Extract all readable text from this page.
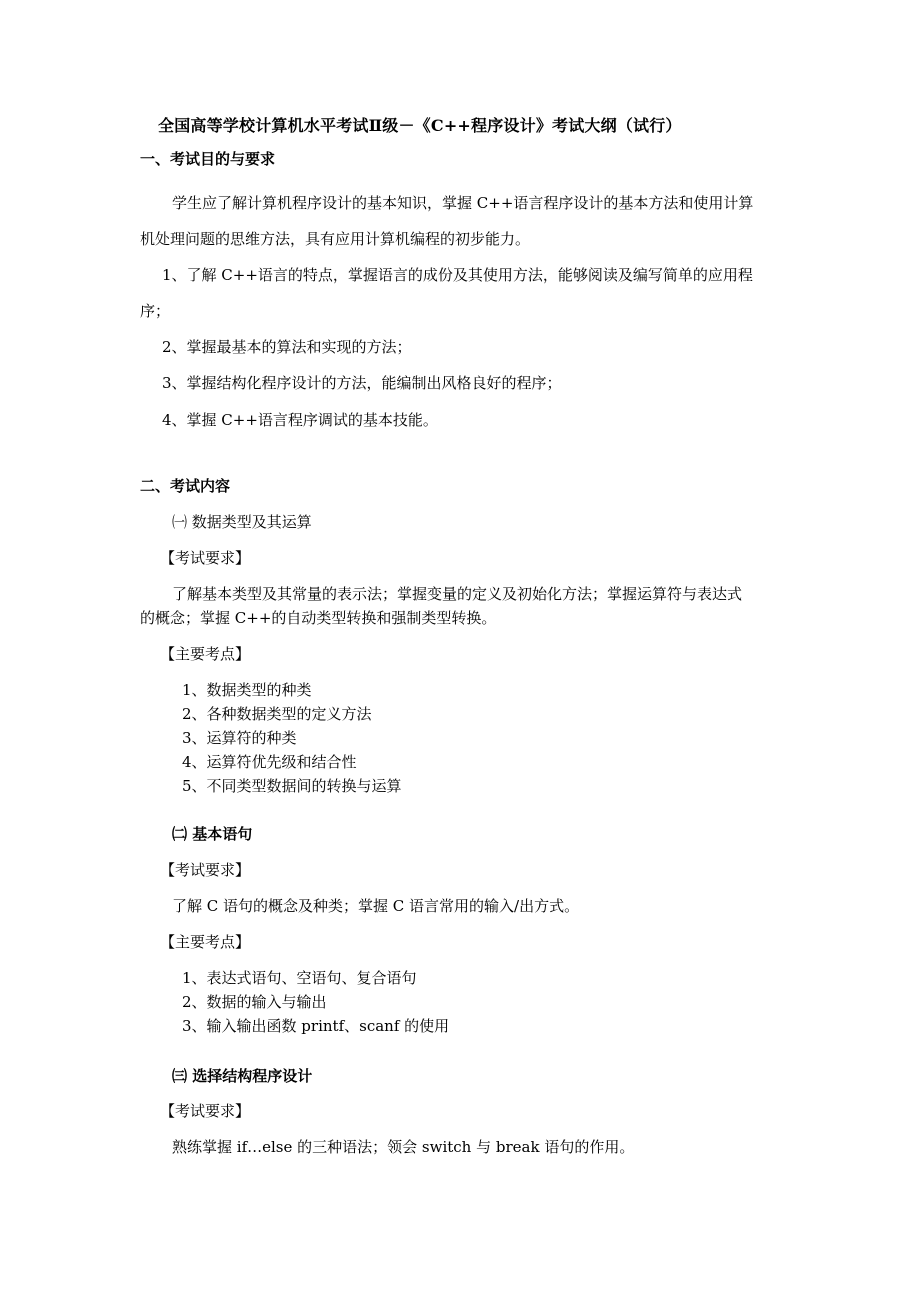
全国高等学校计算机水平考试Ⅱ级－《C++程序设计》考试大纲（试行）
一、考试目的与要求
学生应了解计算机程序设计的基本知识，掌握 C++语言程序设计的基本方法和使用计算
机处理问题的思维方法，具有应用计算机编程的初步能力。
1、了解 C++语言的特点，掌握语言的成份及其使用方法，能够阅读及编写简单的应用程
序；
2、掌握最基本的算法和实现的方法；
3、掌握结构化程序设计的方法，能编制出风格良好的程序；
4、掌握 C++语言程序调试的基本技能。
二、考试内容
㈠ 数据类型及其运算
【考试要求】
了解基本类型及其常量的表示法；掌握变量的定义及初始化方法；掌握运算符与表达式
的概念；掌握 C++的自动类型转换和强制类型转换。
【主要考点】
1、数据类型的种类
2、各种数据类型的定义方法
3、运算符的种类
4、运算符优先级和结合性
5、不同类型数据间的转换与运算
㈡ 基本语句
【考试要求】
了解 C 语句的概念及种类；掌握 C 语言常用的输入/出方式。
【主要考点】
1、表达式语句、空语句、复合语句
2、数据的输入与输出
3、输入输出函数 printf、scanf 的使用
㈢ 选择结构程序设计
【考试要求】
熟练掌握 if…else 的三种语法；领会 switch 与 break 语句的作用。
